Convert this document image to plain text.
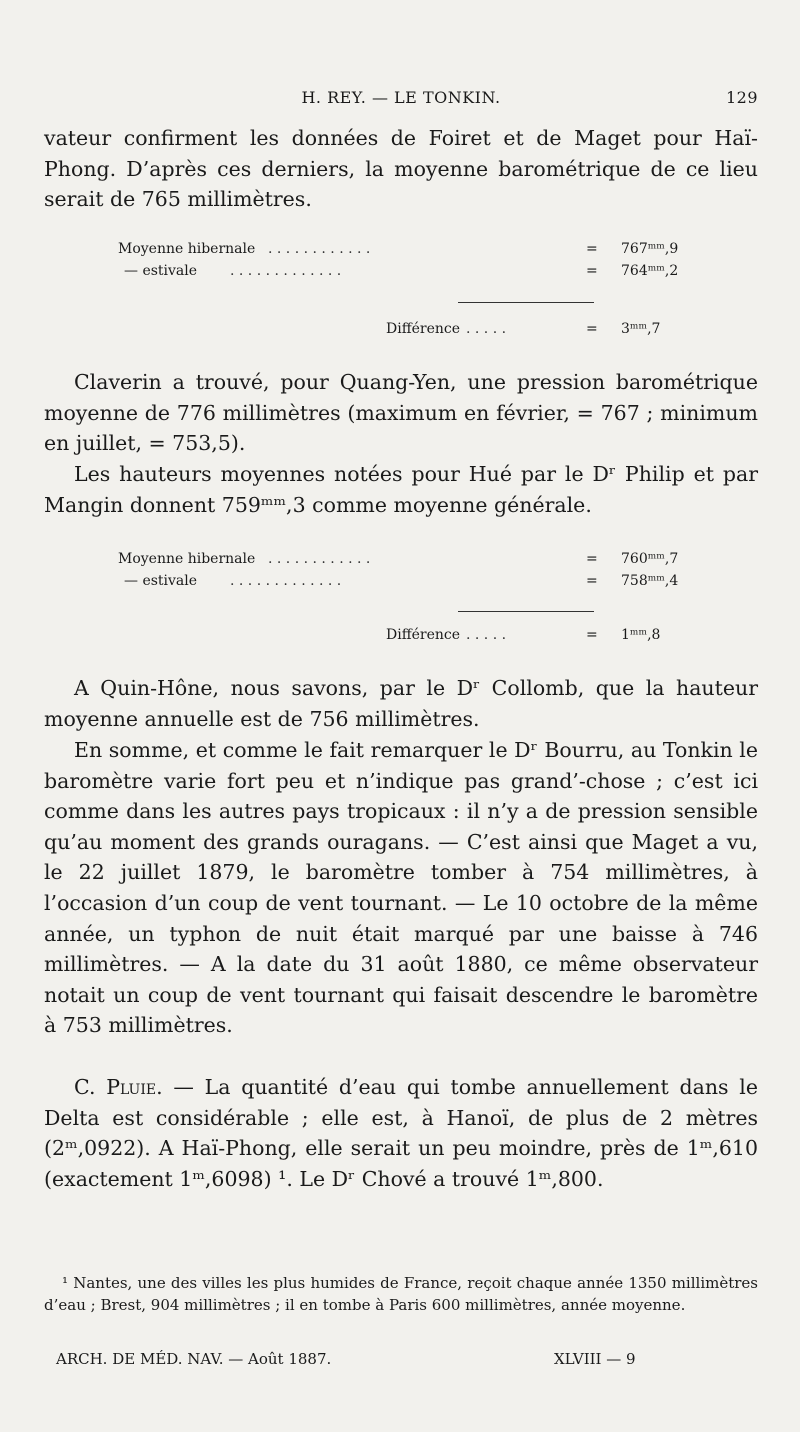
H. REY. — LE TONKIN.	129

vateur confirment les données de Foiret et de Maget pour Haï-Phong. D’après ces derniers, la moyenne barométrique de ce lieu serait de 765 millimètres.

Moyenne hibernale . . . . . . . . . . . .	= 767ᵐᵐ,9
— estivale . . . . . . . . . . . . .	= 764ᵐᵐ,2
Différence . . . . .	= 3ᵐᵐ,7

Claverin a trouvé, pour Quang-Yen, une pression barométrique moyenne de 776 millimètres (maximum en février, = 767 ; minimum en juillet, = 753,5).

Les hauteurs moyennes notées pour Hué par le Dʳ Philip et par Mangin donnent 759ᵐᵐ,3 comme moyenne générale.

Moyenne hibernale . . . . . . . . . . . .	= 760ᵐᵐ,7
— estivale . . . . . . . . . . . . .	= 758ᵐᵐ,4
Différence . . . . .	= 1ᵐᵐ,8

A Quin-Hône, nous savons, par le Dʳ Collomb, que la hauteur moyenne annuelle est de 756 millimètres.

En somme, et comme le fait remarquer le Dʳ Bourru, au Tonkin le baromètre varie fort peu et n’indique pas grand’-chose ; c’est ici comme dans les autres pays tropicaux : il n’y a de pression sensible qu’au moment des grands ouragans. — C’est ainsi que Maget a vu, le 22 juillet 1879, le baromètre tomber à 754 millimètres, à l’occasion d’un coup de vent tournant. — Le 10 octobre de la même année, un typhon de nuit était marqué par une baisse à 746 millimètres. — A la date du 31 août 1880, ce même observateur notait un coup de vent tournant qui faisait descendre le baromètre à 753 millimètres.

C. Pluie. — La quantité d’eau qui tombe annuellement dans le Delta est considérable ; elle est, à Hanoï, de plus de 2 mètres (2ᵐ,0922). A Haï-Phong, elle serait un peu moindre, près de 1ᵐ,610 (exactement 1ᵐ,6098) ¹. Le Dʳ Chové a trouvé 1ᵐ,800.

¹ Nantes, une des villes les plus humides de France, reçoit chaque année 1350 millimètres d’eau ; Brest, 904 millimètres ; il en tombe à Paris 600 millimètres, année moyenne.

ARCH. DE MÉD. NAV. — Août 1887.	XLVIII — 9
